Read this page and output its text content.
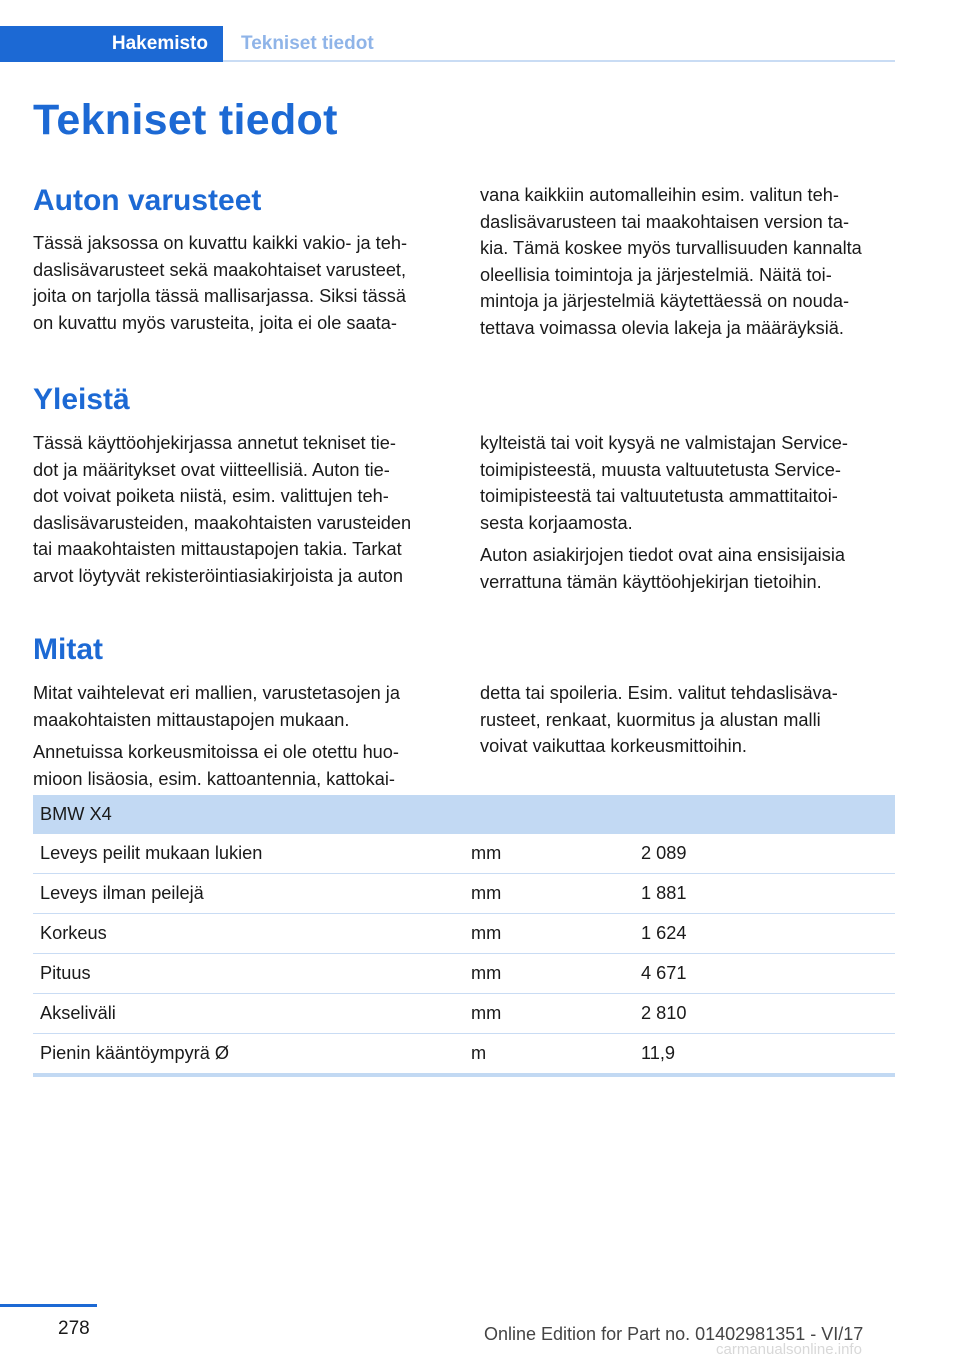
Hakemisto	Tekniset tiedot
Tekniset tiedot
Auton varusteet
Tässä jaksossa on kuvattu kaikki vakio- ja teh‐
daslisävarusteet sekä maakohtaiset varusteet,
joita on tarjolla tässä mallisarjassa. Siksi tässä
on kuvattu myös varusteita, joita ei ole saata‐
vana kaikkiin automalleihin esim. valitun teh‐
daslisävarusteen tai maakohtaisen version ta‐
kia. Tämä koskee myös turvallisuuden kannalta
oleellisia toimintoja ja järjestelmiä. Näitä toi‐
mintoja ja järjestelmiä käytettäessä on nouda‐
tettava voimassa olevia lakeja ja määräyksiä.
Yleistä
Tässä käyttöohjekirjassa annetut tekniset tie‐
dot ja määritykset ovat viitteellisiä. Auton tie‐
dot voivat poiketa niistä, esim. valittujen teh‐
daslisävarusteiden, maakohtaisten varusteiden
tai maakohtaisten mittaustapojen takia. Tarkat
arvot löytyvät rekisteröintiasiakirjoista ja auton

kylteistä tai voit kysyä ne valmistajan Service-
toimipisteestä, muusta valtuutetusta Service-
toimipisteestä tai valtuutetusta ammattitaitoi‐
sesta korjaamosta.

Auton asiakirjojen tiedot ovat aina ensisijaisia
verrattuna tämän käyttöohjekirjan tietoihin.

Mitat

Mitat vaihtelevat eri mallien, varustetasojen ja
maakohtaisten mittaustapojen mukaan.

Annetuissa korkeusmitoissa ei ole otettu huo‐
mioon lisäosia, esim. kattoantennia, kattokai‐

detta tai spoileria. Esim. valitut tehdaslisäva‐
rusteet, renkaat, kuormitus ja alustan malli
voivat vaikuttaa korkeusmittoihin.
BMW X4
Leveys peilit mukaan lukien	mm	2 089
Leveys ilman peilejä	mm	1 881
Korkeus	mm	1 624
Pituus	mm	4 671
Akseliväli	mm	2 810
Pienin kääntöympyrä Ø	m	11,9
278	Online Edition for Part no. 01402981351 - VI/17
carmanualsonline.info
